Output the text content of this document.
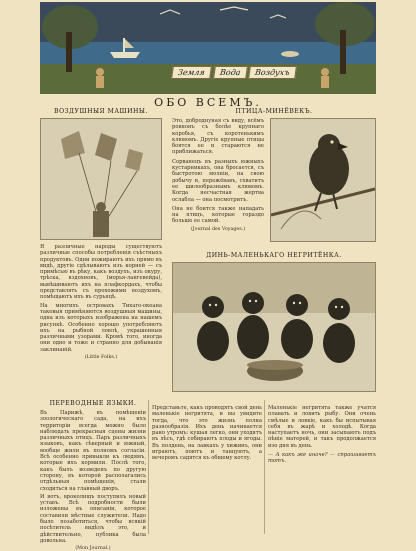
Земля	Вода	Воздухъ
ОБО ВСЕМЪ.
ВОЗДУШНЫЯ МАШИНЫ.

Я различные народы существуютъ различные способы потребленія съѣстныхъ продуктовъ. Одни пожираютъ ихъ прямо въ видѣ, другіе сдѣлываютъ изъ корней — съ примѣсью въ рѣку, какъ воздухъ, изъ окуру, трѣска, вздохновъ, (морья-лангевейда), вывѣшиваютъ ихъ на плафкордахъ, чтобы представлять съ прохожими воздухомъ, помѣщаютъ ихъ въ сурьяцѣ.

На многихъ островахъ Тихаго-океана таковыя примѣняются воздушныя машины, одна изъ которыхъ изображена на нашемъ рисункѣ. Особенно хорошо употребляютъ ихъ на рыбной ловлѣ, украшенныя различными узорами. Кромѣ того, иногда они одно и тоже и странно для добыванія заклинаній.

(Little Folks.)
ПТИЦА-МИНЁВЕКЪ.

Это, доброднуная съ виду, всёмъ ровнонъ съ болѣе крупнаго коробья, съ коротенькимъ клювомъ. Другіе крупные птицы боятся ее и стараются не приближаться.

Сорванецъ въ разныхъ южныхъ кустарникахъ, она бросается, съ быстротою молніи, на свою добычу и, пережёвавъ, схватитъ ее шилообразнымъ клювомъ. Когда несчастная жертва ослабла — она посмотритъ.

Она не боится также нападать на птицъ, которые гораздо больше ее самой.

(Journal des Voyages.)
ДИНЬ-МАЛЕНЬКАГО НЕГРИТЁНКА.
ПЕРЕВОДНЫЕ ЯЗЫКИ.

Въ Парижѣ, въ помѣщеніи зоологическаго сада, на ихъ территоріи всегда можно было наблюдать прекрасныя сцены жизни различныхъ птицъ. Паръ различныхъ языковъ, какъ сѣверный и южный, вообще жили въ полномъ согласіи. Всѣ особенно привыкли къ людямъ, которые ихъ кормили. Послѣ того, какъ былъ возведенъ по другую сторону, въ которой располагались отдѣльныя помѣщенія, стали сходиться на главный дворъ.

И вотъ, вроколнщъ поступилъ новый уставъ. Всѣ подробности были изложены въ описаніи, которое составили мѣстные служители. Надо было позаботиться, чтобы всякій посѣтитель видѣлъ это, и дѣйствительно, публика была довольна.

(Mon Journal.)

Представьте, какъ проводятъ свой день маленькіе негритята, и вы увидите тогда, что это жизнь полна разнообразія. Ихъ день начинается рано утромъ: кушая легко, они уходятъ въ лѣсъ, гдѣ собираютъ плоды и ягоды. Въ полдень, на лавкахъ у хижинъ, они играютъ, поютъ и танцуютъ, а вечеромъ садятся къ общему котлу.

Маленькіе негритята также учатся плавать и ловить рыбу. Они очень смѣлые и ловкіе, какъ бы испытывая себя въ жарѣ и холодѣ. Когда наступаетъ ночь, они засыпаютъ подъ пѣніе матерей, и такъ продолжается изо дня въ день.

— А какъ же иначе? — спрашиваетъ тотъ.
